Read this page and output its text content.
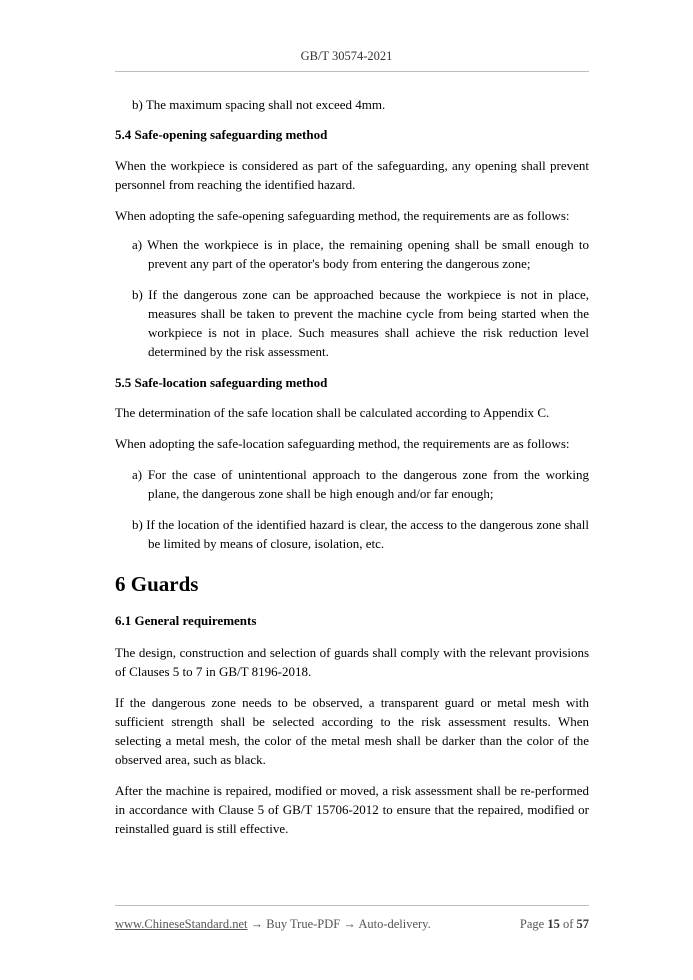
GB/T 30574-2021

b) The maximum spacing shall not exceed 4mm.

5.4 Safe-opening safeguarding method

When the workpiece is considered as part of the safeguarding, any opening shall prevent personnel from reaching the identified hazard.

When adopting the safe-opening safeguarding method, the requirements are as follows:

a) When the workpiece is in place, the remaining opening shall be small enough to prevent any part of the operator's body from entering the dangerous zone;

b) If the dangerous zone can be approached because the workpiece is not in place, measures shall be taken to prevent the machine cycle from being started when the workpiece is not in place. Such measures shall achieve the risk reduction level determined by the risk assessment.

5.5 Safe-location safeguarding method

The determination of the safe location shall be calculated according to Appendix C.

When adopting the safe-location safeguarding method, the requirements are as follows:

a) For the case of unintentional approach to the dangerous zone from the working plane, the dangerous zone shall be high enough and/or far enough;

b) If the location of the identified hazard is clear, the access to the dangerous zone shall be limited by means of closure, isolation, etc.

6 Guards

6.1 General requirements

The design, construction and selection of guards shall comply with the relevant provisions of Clauses 5 to 7 in GB/T 8196-2018.

If the dangerous zone needs to be observed, a transparent guard or metal mesh with sufficient strength shall be selected according to the risk assessment results. When selecting a metal mesh, the color of the metal mesh shall be darker than the color of the observed area, such as black.

After the machine is repaired, modified or moved, a risk assessment shall be re-performed in accordance with Clause 5 of GB/T 15706-2012 to ensure that the repaired, modified or reinstalled guard is still effective.

www.ChineseStandard.net → Buy True-PDF → Auto-delivery.	Page 15 of 57
